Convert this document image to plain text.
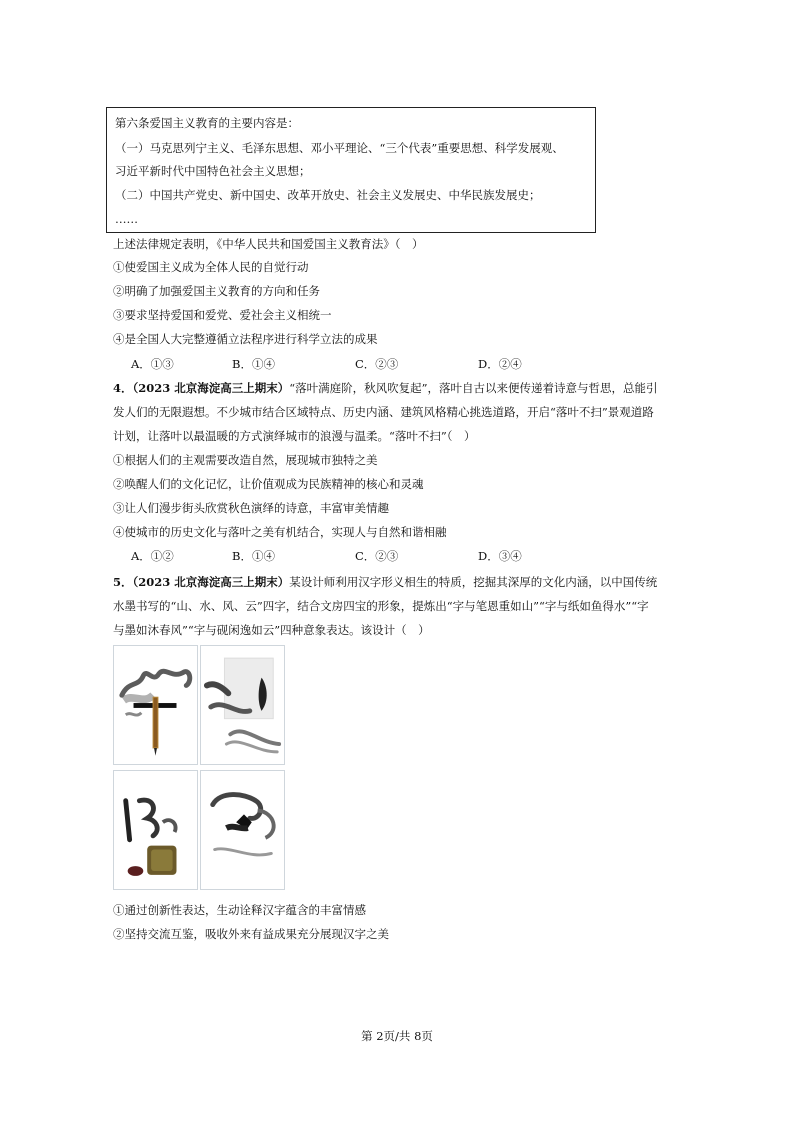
第六条爱国主义教育的主要内容是：
（一）马克思列宁主义、毛泽东思想、邓小平理论、“三个代表”重要思想、科学发展观、
习近平新时代中国特色社会主义思想；
（二）中国共产党史、新中国史、改革开放史、社会主义发展史、中华民族发展史；
……
上述法律规定表明，《中华人民共和国爱国主义教育法》（　）
①使爱国主义成为全体人民的自觉行动
②明确了加强爱国主义教育的方向和任务
③要求坚持爱国和爱党、爱社会主义相统一
④是全国人大完整遵循立法程序进行科学立法的成果
A．①③	B．①④	C．②③	D．②④
4．（2023 北京海淀高三上期末）“落叶满庭阶，秋风吹复起”，落叶自古以来便传递着诗意与哲思，总能引
发人们的无限遐想。不少城市结合区域特点、历史内涵、建筑风格精心挑选道路，开启“落叶不扫”景观道路
计划，让落叶以最温暖的方式演绎城市的浪漫与温柔。“落叶不扫”（　）
①根据人们的主观需要改造自然，展现城市独特之美
②唤醒人们的文化记忆，让价值观成为民族精神的核心和灵魂
③让人们漫步街头欣赏秋色演绎的诗意，丰富审美情趣
④使城市的历史文化与落叶之美有机结合，实现人与自然和谐相融
A．①②	B．①④	C．②③	D．③④
5．（2023 北京海淀高三上期末）某设计师利用汉字形义相生的特质，挖掘其深厚的文化内涵，以中国传统
水墨书写的“山、水、风、云”四字，结合文房四宝的形象，提炼出“字与笔恩重如山”“字与纸如鱼得水”“字
与墨如沐春风”“字与砚闲逸如云”四种意象表达。该设计（　）
①通过创新性表达，生动诠释汉字蕴含的丰富情感
②坚持交流互鉴，吸收外来有益成果充分展现汉字之美
第 2页/共 8页
